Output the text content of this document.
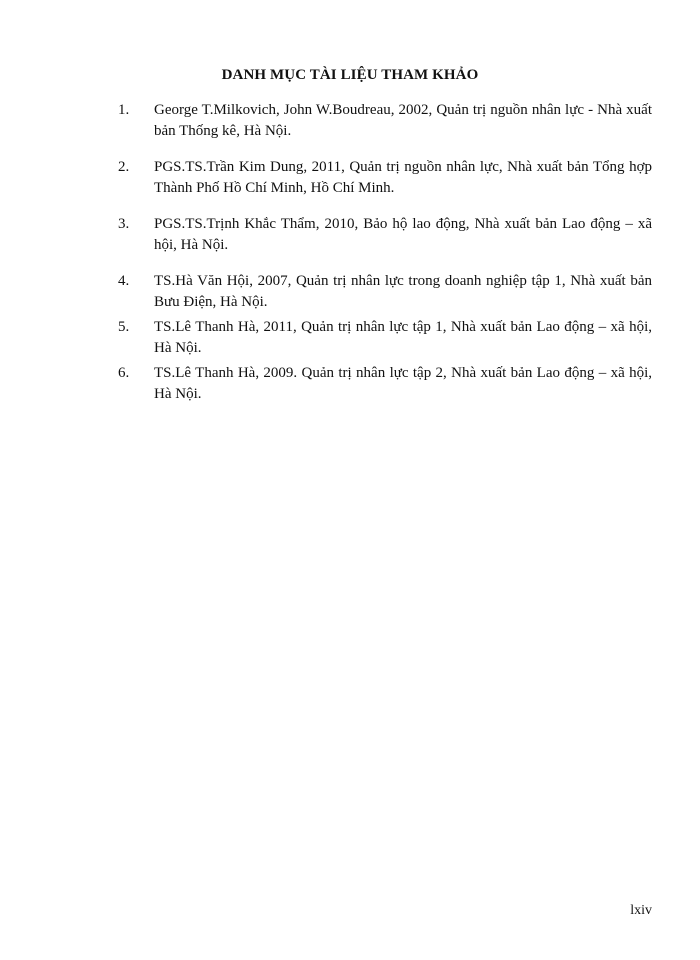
DANH MỤC TÀI LIỆU THAM KHẢO
1. George T.Milkovich, John W.Boudreau, 2002, Quản trị nguồn nhân lực - Nhà xuất bản Thống kê, Hà Nội.
2. PGS.TS.Trần Kim Dung, 2011, Quản trị nguồn nhân lực, Nhà xuất bản Tổng hợp Thành Phố Hồ Chí Minh, Hồ Chí Minh.
3. PGS.TS.Trịnh Khắc Thẩm, 2010, Bảo hộ lao động, Nhà xuất bản Lao động – xã hội, Hà Nội.
4. TS.Hà Văn Hội, 2007, Quản trị nhân lực trong doanh nghiệp tập 1, Nhà xuất bản Bưu Điện, Hà Nội.
5. TS.Lê Thanh Hà, 2011, Quản trị nhân lực tập 1, Nhà xuất bản Lao động – xã hội, Hà Nội.
6. TS.Lê Thanh Hà, 2009. Quản trị nhân lực tập 2, Nhà xuất bản Lao động – xã hội, Hà Nội.
lxiv
